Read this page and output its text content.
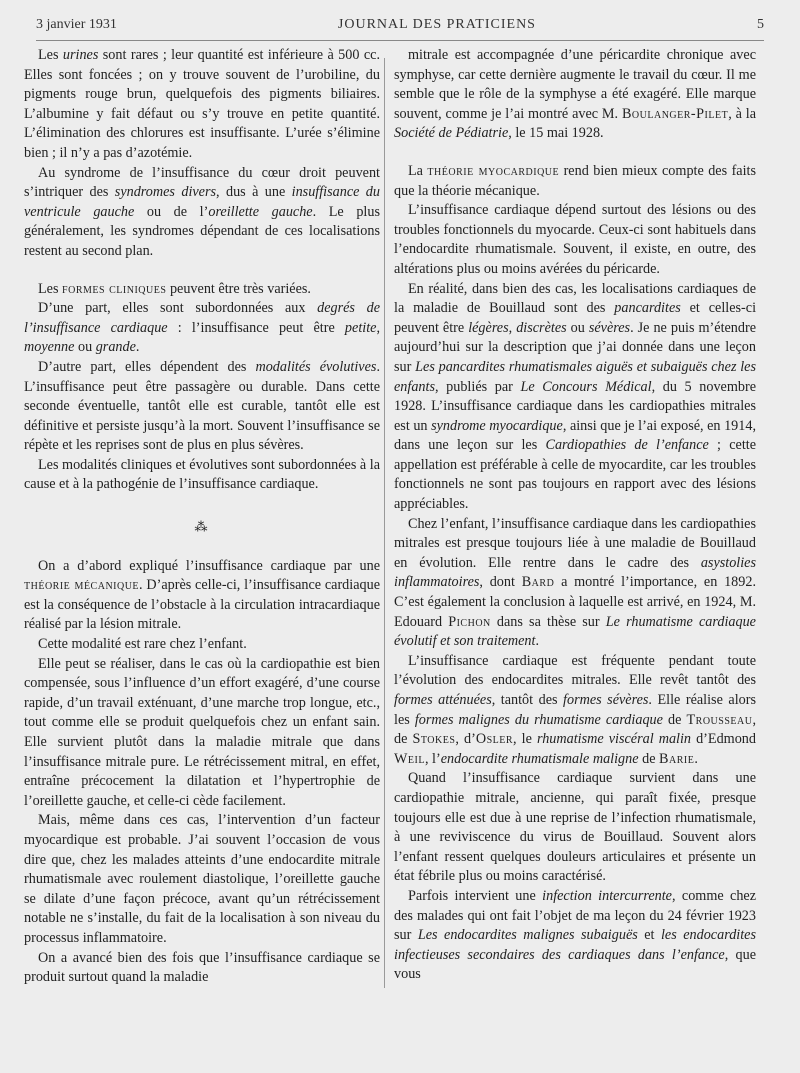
3 janvier 1931	JOURNAL DES PRATICIENS	5

Les urines sont rares ; leur quantité est inférieure à 500 cc. Elles sont foncées ; on y trouve souvent de l’urobiline, du pigments rouge brun, quelquefois des pigments biliaires. L’albumine y fait défaut ou s’y trouve en petite quantité. L’élimination des chlorures est insuffisante. L’urée s’élimine bien ; il n’y a pas d’azotémie.

Au syndrome de l’insuffisance du cœur droit peuvent s’intriquer des syndromes divers, dus à une insuffisance du ventricule gauche ou de l’oreillette gauche. Le plus généralement, les syndromes dépendant de ces localisations restent au second plan.

Les formes cliniques peuvent être très variées.

D’une part, elles sont subordonnées aux degrés de l’insuffisance cardiaque : l’insuffisance peut être petite, moyenne ou grande.

D’autre part, elles dépendent des modalités évolutives. L’insuffisance peut être passagère ou durable. Dans cette seconde éventuelle, tantôt elle est curable, tantôt elle est définitive et persiste jusqu’à la mort. Souvent l’insuffisance se répète et les reprises sont de plus en plus sévères.

Les modalités cliniques et évolutives sont subordonnées à la cause et à la pathogénie de l’insuffisance cardiaque.

⁂

On a d’abord expliqué l’insuffisance cardiaque par une théorie mécanique. D’après celle-ci, l’insuffisance cardiaque est la conséquence de l’obstacle à la circulation intracardiaque réalisé par la lésion mitrale.

Cette modalité est rare chez l’enfant.

Elle peut se réaliser, dans le cas où la cardiopathie est bien compensée, sous l’influence d’un effort exagéré, d’une course rapide, d’un travail exténuant, d’une marche trop longue, etc., tout comme elle se produit quelquefois chez un enfant sain. Elle survient plutôt dans la maladie mitrale que dans l’insuffisance mitrale pure. Le rétrécissement mitral, en effet, entraîne précocement la dilatation et l’hypertrophie de l’oreillette gauche, et celle-ci cède facilement.

Mais, même dans ces cas, l’intervention d’un facteur myocardique est probable. J’ai souvent l’occasion de vous dire que, chez les malades atteints d’une endocardite mitrale rhumatismale avec roulement diastolique, l’oreillette gauche se dilate d’une façon précoce, avant qu’un rétrécissement notable ne s’installe, du fait de la localisation à son niveau du processus inflammatoire.

On a avancé bien des fois que l’insuffisance cardiaque se produit surtout quand la maladie

mitrale est accompagnée d’une péricardite chronique avec symphyse, car cette dernière augmente le travail du cœur. Il me semble que le rôle de la symphyse a été exagéré. Elle marque souvent, comme je l’ai montré avec M. Boulanger-Pilet, à la Société de Pédiatrie, le 15 mai 1928.

La théorie myocardique rend bien mieux compte des faits que la théorie mécanique.

L’insuffisance cardiaque dépend surtout des lésions ou des troubles fonctionnels du myocarde. Ceux-ci sont habituels dans l’endocardite rhumatismale. Souvent, il existe, en outre, des altérations plus ou moins avérées du péricarde.

En réalité, dans bien des cas, les localisations cardiaques de la maladie de Bouillaud sont des pancardites et celles-ci peuvent être légères, discrètes ou sévères. Je ne puis m’étendre aujourd’hui sur la description que j’ai donnée dans une leçon sur Les pancardites rhumatismales aiguës et subaiguës chez les enfants, publiés par Le Concours Médical, du 5 novembre 1928. L’insuffisance cardiaque dans les cardiopathies mitrales est un syndrome myocardique, ainsi que je l’ai exposé, en 1914, dans une leçon sur les Cardiopathies de l’enfance ; cette appellation est préférable à celle de myocardite, car les troubles fonctionnels ne sont pas toujours en rapport avec des lésions appréciables.

Chez l’enfant, l’insuffisance cardiaque dans les cardiopathies mitrales est presque toujours liée à une maladie de Bouillaud en évolution. Elle rentre dans le cadre des asystolies inflammatoires, dont Bard a montré l’importance, en 1892. C’est également la conclusion à laquelle est arrivé, en 1924, M. Edouard Pichon dans sa thèse sur Le rhumatisme cardiaque évolutif et son traitement.

L’insuffisance cardiaque est fréquente pendant toute l’évolution des endocardites mitrales. Elle revêt tantôt des formes atténuées, tantôt des formes sévères. Elle réalise alors les formes malignes du rhumatisme cardiaque de Trousseau, de Stokes, d’Osler, le rhumatisme viscéral malin d’Edmond Weil, l’endocardite rhumatismale maligne de Barie.

Quand l’insuffisance cardiaque survient dans une cardiopathie mitrale, ancienne, qui paraît fixée, presque toujours elle est due à une reprise de l’infection rhumatismale, à une reviviscence du virus de Bouillaud. Souvent alors l’enfant ressent quelques douleurs articulaires et présente un état fébrile plus ou moins caractérisé.

Parfois intervient une infection intercurrente, comme chez des malades qui ont fait l’objet de ma leçon du 24 février 1923 sur Les endocardites malignes subaiguës et les endocardites infectieuses secondaires des cardiaques dans l’enfance, que vous
